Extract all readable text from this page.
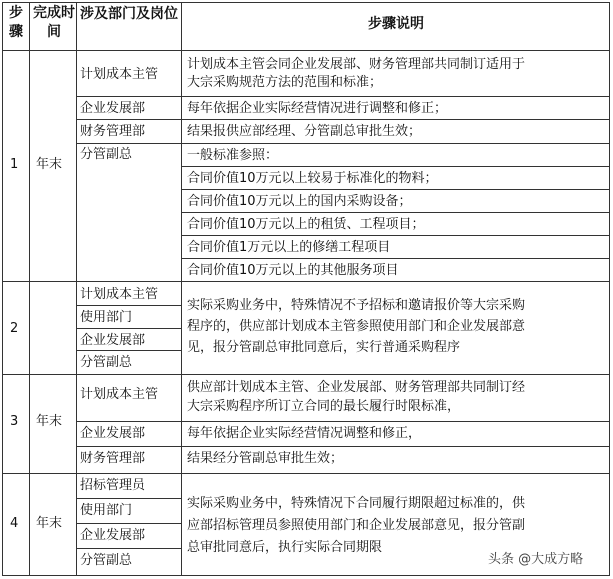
步骤
完成时间
涉及部门及岗位
步骤说明
1 年末
计划成本主管
企业发展部
财务管理部
分管副总
计划成本主管会同企业发展部、财务管理部共同制订适用于
大宗采购规范方法的范围和标准；
每年依据企业实际经营情况进行调整和修正；
结果报供应部经理、分管副总审批生效；
一般标准参照：
合同价值10万元以上较易于标准化的物料；
合同价值10万元以上的国内采购设备；
合同价值10万元以上的租赁、工程项目；
合同价值1万元以上的修缮工程项目
合同价值10万元以上的其他服务项目
2
计划成本主管
使用部门
企业发展部
分管副总
实际采购业务中，特殊情况不予招标和邀请报价等大宗采购
程序的，供应部计划成本主管参照使用部门和企业发展部意
见，报分管副总审批同意后，实行普通采购程序
3 年末
计划成本主管
企业发展部
财务管理部
供应部计划成本主管、企业发展部、财务管理部共同制订经
大宗采购程序所订立合同的最长履行时限标准，
每年依据企业实际经营情况调整和修正，
结果经分管副总审批生效；
4 年末
招标管理员
使用部门
企业发展部
分管副总
实际采购业务中，特殊情况下合同履行期限超过标准的，供
应部招标管理员参照使用部门和企业发展部意见，报分管副
总审批同意后，执行实际合同期限
头条 @大成方略
